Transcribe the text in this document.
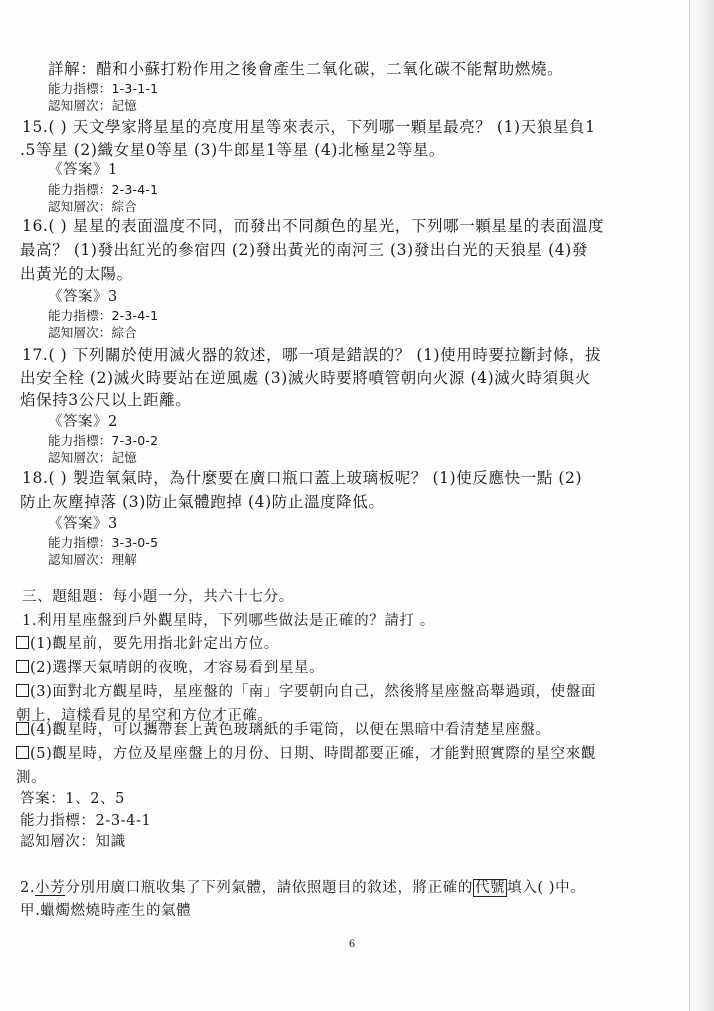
詳解：醋和小蘇打粉作用之後會產生二氧化碳，二氧化碳不能幫助燃燒。
能力指標：1-3-1-1
認知層次：記憶
15.( ) 天文學家將星星的亮度用星等來表示，下列哪一顆星最亮？ (1)天狼星負1
.5等星 (2)織女星0等星 (3)牛郎星1等星 (4)北極星2等星。
《答案》1
能力指標：2-3-4-1
認知層次：綜合
16.( ) 星星的表面溫度不同，而發出不同顏色的星光，下列哪一顆星星的表面溫度
最高？ (1)發出紅光的參宿四 (2)發出黃光的南河三 (3)發出白光的天狼星 (4)發
出黃光的太陽。
《答案》3
能力指標：2-3-4-1
認知層次：綜合
17.( ) 下列關於使用滅火器的敘述，哪一項是錯誤的？ (1)使用時要拉斷封條，拔
出安全栓 (2)滅火時要站在逆風處 (3)滅火時要將噴管朝向火源 (4)滅火時須與火
焰保持3公尺以上距離。
《答案》2
能力指標：7-3-0-2
認知層次：記憶
18.( ) 製造氧氣時，為什麼要在廣口瓶口蓋上玻璃板呢？ (1)使反應快一點 (2)
防止灰塵掉落 (3)防止氣體跑掉 (4)防止溫度降低。
《答案》3
能力指標：3-3-0-5
認知層次：理解
三、題組題：每小題一分，共六十七分。
1.利用星座盤到戶外觀星時，下列哪些做法是正確的？請打 。
(1)觀星前，要先用指北針定出方位。
(2)選擇天氣晴朗的夜晚，才容易看到星星。
(3)面對北方觀星時，星座盤的「南」字要朝向自己，然後將星座盤高舉過頭，使盤面
朝上，這樣看見的星空和方位才正確。
(4)觀星時，可以攜帶套上黃色玻璃紙的手電筒，以便在黑暗中看清楚星座盤。
(5)觀星時，方位及星座盤上的月份、日期、時間都要正確，才能對照實際的星空來觀
測。
答案：1、2、5
能力指標：2-3-4-1
認知層次：知識
2.小芳分別用廣口瓶收集了下列氣體，請依照題目的敘述，將正確的 代號 填入( )中。
甲.蠟燭燃燒時產生的氣體
6
